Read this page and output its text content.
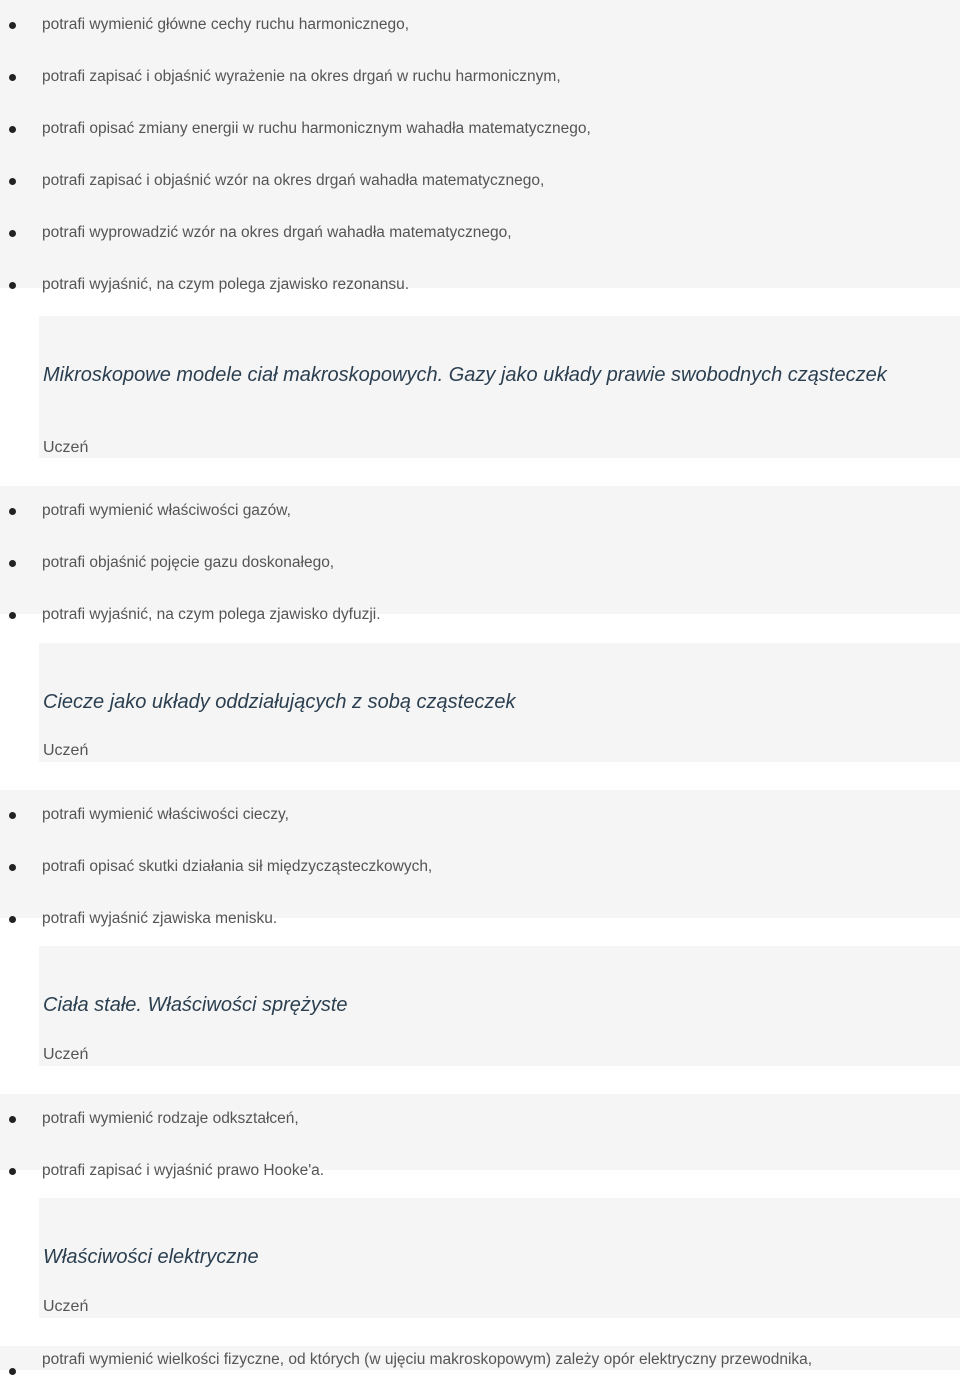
potrafi wymienić główne cechy ruchu harmonicznego,
potrafi zapisać i objaśnić wyrażenie na okres drgań w ruchu harmonicznym,
potrafi opisać zmiany energii w ruchu harmonicznym wahadła matematycznego,
potrafi zapisać i objaśnić wzór na okres drgań wahadła matematycznego,
potrafi wyprowadzić wzór na okres drgań wahadła matematycznego,
potrafi wyjaśnić, na czym polega zjawisko rezonansu.
Mikroskopowe modele ciał makroskopowych. Gazy jako układy prawie swobodnych cząsteczek
Uczeń
potrafi wymienić właściwości gazów,
potrafi objaśnić pojęcie gazu doskonałego,
potrafi wyjaśnić, na czym polega zjawisko dyfuzji.
Ciecze jako układy oddziałujących z sobą cząsteczek
Uczeń
potrafi wymienić właściwości cieczy,
potrafi opisać skutki działania sił międzycząsteczkowych,
potrafi wyjaśnić zjawiska menisku.
Ciała stałe. Właściwości sprężyste
Uczeń
potrafi wymienić rodzaje odkształceń,
potrafi zapisać i wyjaśnić prawo Hooke'a.
Właściwości elektryczne
Uczeń
potrafi wymienić wielkości fizyczne, od których (w ujęciu makroskopowym) zależy opór elektryczny przewodnika,
